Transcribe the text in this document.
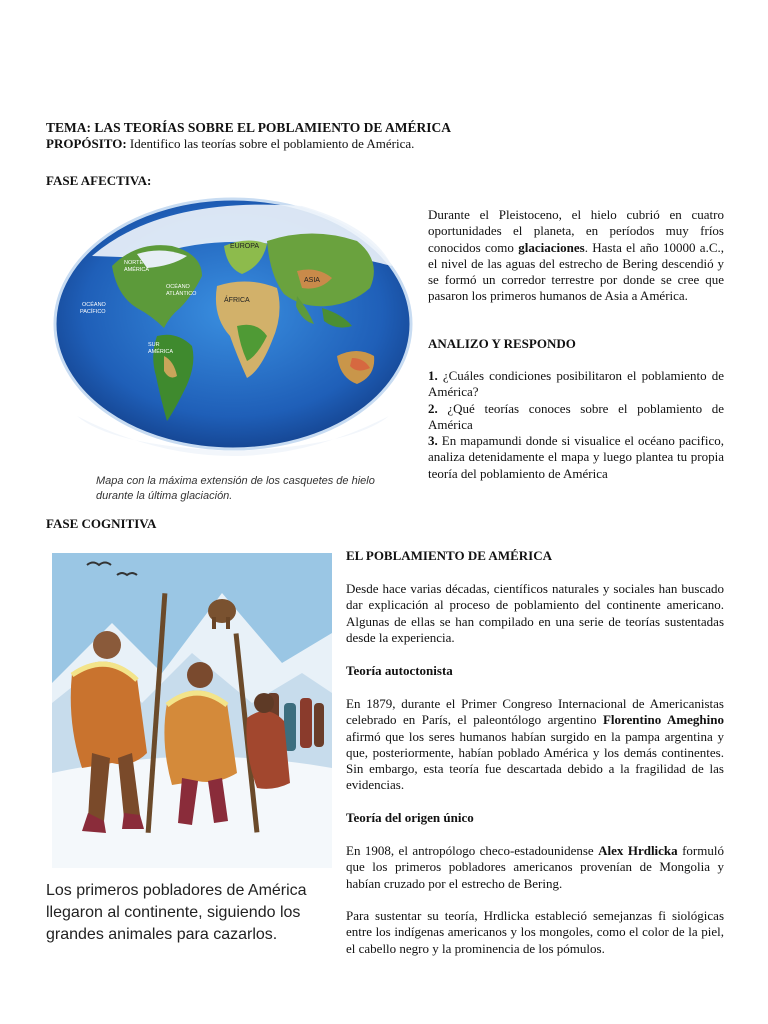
TEMA: LAS TEORÍAS SOBRE EL POBLAMIENTO DE AMÉRICA
PROPÓSITO: Identifico las teorías sobre el poblamiento de América.
FASE AFECTIVA:
EUROPA
NORTE
AMÉRICA
ASIA
OCÉANO
ATLÁNTICO
ÁFRICA
OCÉANO
PACÍFICO
SUR
AMÉRICA
Mapa con la máxima extensión de los casquetes de hielo
durante la última glaciación.

Durante el Pleistoceno, el hielo cubrió en cuatro oportunidades el planeta, en períodos muy fríos conocidos como glaciaciones. Hasta el año 10000 a.C., el nivel de las aguas del estrecho de Bering descendió y se formó un corredor terrestre por donde se cree que pasaron los primeros humanos de Asia a América.

ANALIZO Y RESPONDO

1. ¿Cuáles condiciones posibilitaron el poblamiento de América?

2. ¿Qué teorías conoces sobre el poblamiento de América

3. En mapamundi donde si visualice el océano pacifico, analiza detenidamente el mapa y luego plantea tu propia teoría del poblamiento de América

FASE COGNITIVA
Los primeros pobladores de América llegaron al continente, siguiendo los grandes animales para cazarlos.
EL POBLAMIENTO DE AMÉRICA

Desde hace varias décadas, científicos naturales y sociales han buscado dar explicación al proceso de poblamiento del continente americano. Algunas de ellas se han compilado en una serie de teorías sustentadas desde la experiencia.

Teoría autoctonista

En 1879, durante el Primer Congreso Internacional de Americanistas celebrado en París, el paleontólogo argentino Florentino Ameghino afirmó que los seres humanos habían surgido en la pampa argentina y que, posteriormente, habían poblado América y los demás continentes. Sin embargo, esta teoría fue descartada debido a la fragilidad de las evidencias.

Teoría del origen único

En 1908, el antropólogo checo-estadounidense Alex Hrdlicka formuló que los primeros pobladores americanos provenían de Mongolia y habían cruzado por el estrecho de Bering.

Para sustentar su teoría, Hrdlicka estableció semejanzas fi siológicas entre los indígenas americanos y los mongoles, como el color de la piel, el cabello negro y la prominencia de los pómulos.
